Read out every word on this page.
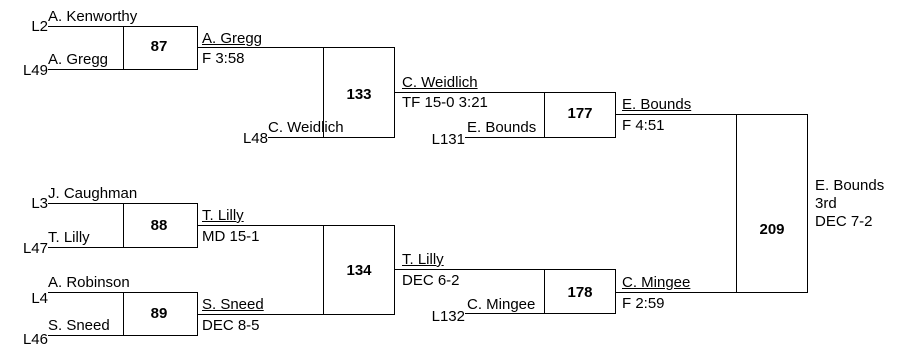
L2
A. Kenworthy
L49
A. Gregg
87	A. Gregg
F 3:58
133
L48
C. Weidlich
C. Weidlich
TF 15-0 3:21
177
L131
E. Bounds
E. Bounds
F 4:51
L3
J. Caughman
L47
T. Lilly
88
T. Lilly
MD 15-1
L4
A. Robinson
L46
S. Sneed
89
S. Sneed
DEC 8-5
134
T. Lilly
DEC 6-2
178
L132
C. Mingee
C. Mingee
F 2:59
209
E. Bounds
3rd
DEC 7-2
